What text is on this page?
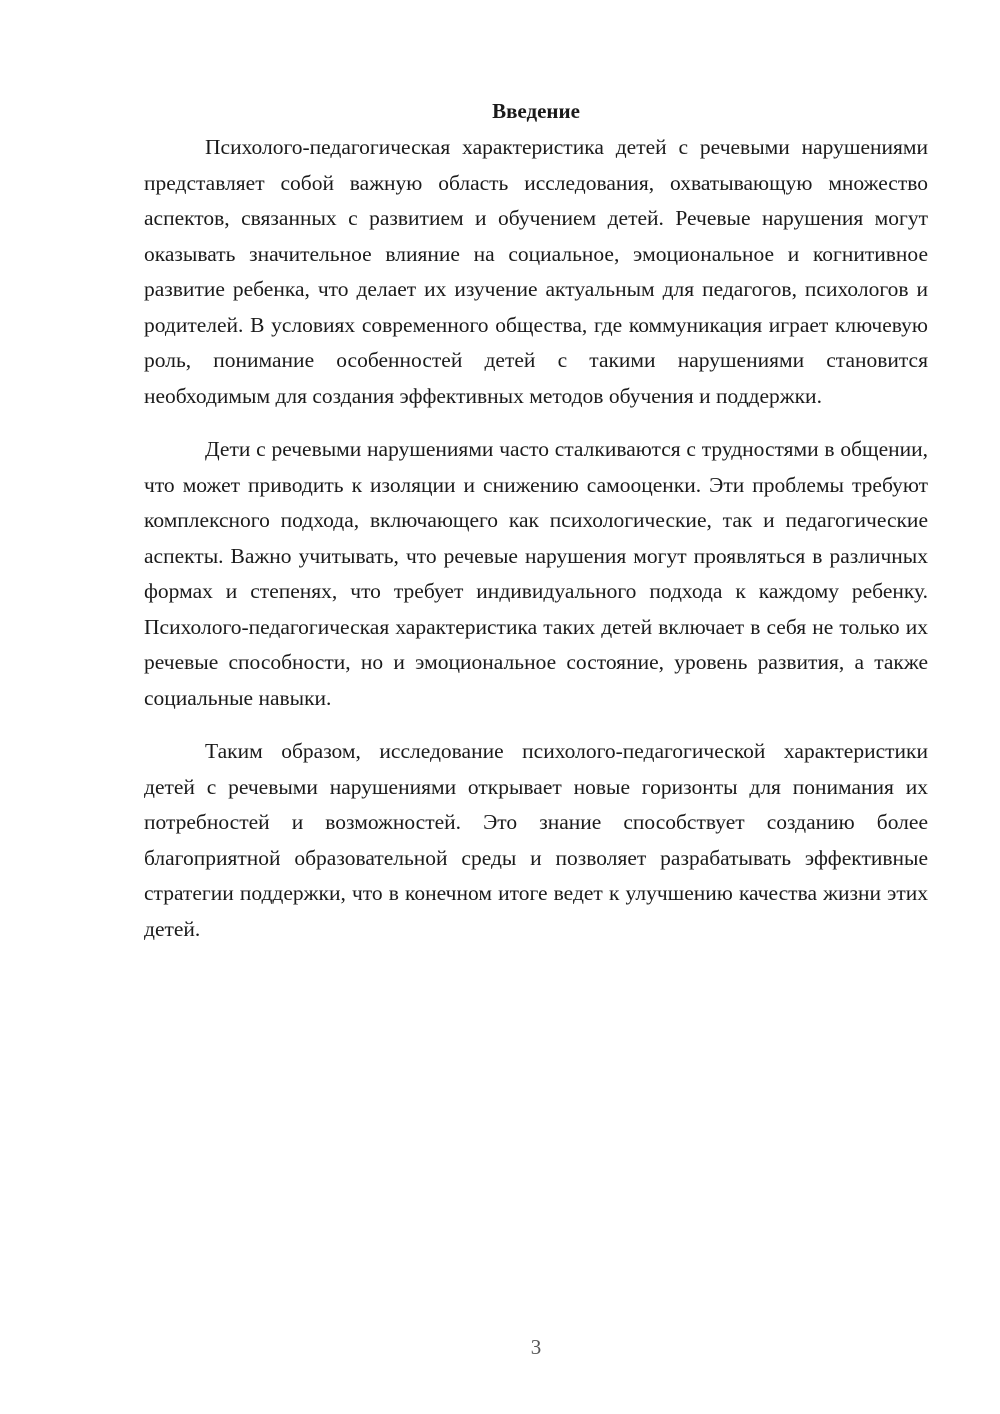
Введение

Психолого-педагогическая характеристика детей с речевыми нарушениями представляет собой важную область исследования, охватывающую множество аспектов, связанных с развитием и обучением детей. Речевые нарушения могут оказывать значительное влияние на социальное, эмоциональное и когнитивное развитие ребенка, что делает их изучение актуальным для педагогов, психологов и родителей. В условиях современного общества, где коммуникация играет ключевую роль, понимание особенностей детей с такими нарушениями становится необходимым для создания эффективных методов обучения и поддержки.

Дети с речевыми нарушениями часто сталкиваются с трудностями в общении, что может приводить к изоляции и снижению самооценки. Эти проблемы требуют комплексного подхода, включающего как психологические, так и педагогические аспекты. Важно учитывать, что речевые нарушения могут проявляться в различных формах и степенях, что требует индивидуального подхода к каждому ребенку. Психолого-педагогическая характеристика таких детей включает в себя не только их речевые способности, но и эмоциональное состояние, уровень развития, а также социальные навыки.

Таким образом, исследование психолого-педагогической характеристики детей с речевыми нарушениями открывает новые горизонты для понимания их потребностей и возможностей. Это знание способствует созданию более благоприятной образовательной среды и позволяет разрабатывать эффективные стратегии поддержки, что в конечном итоге ведет к улучшению качества жизни этих детей.

3
